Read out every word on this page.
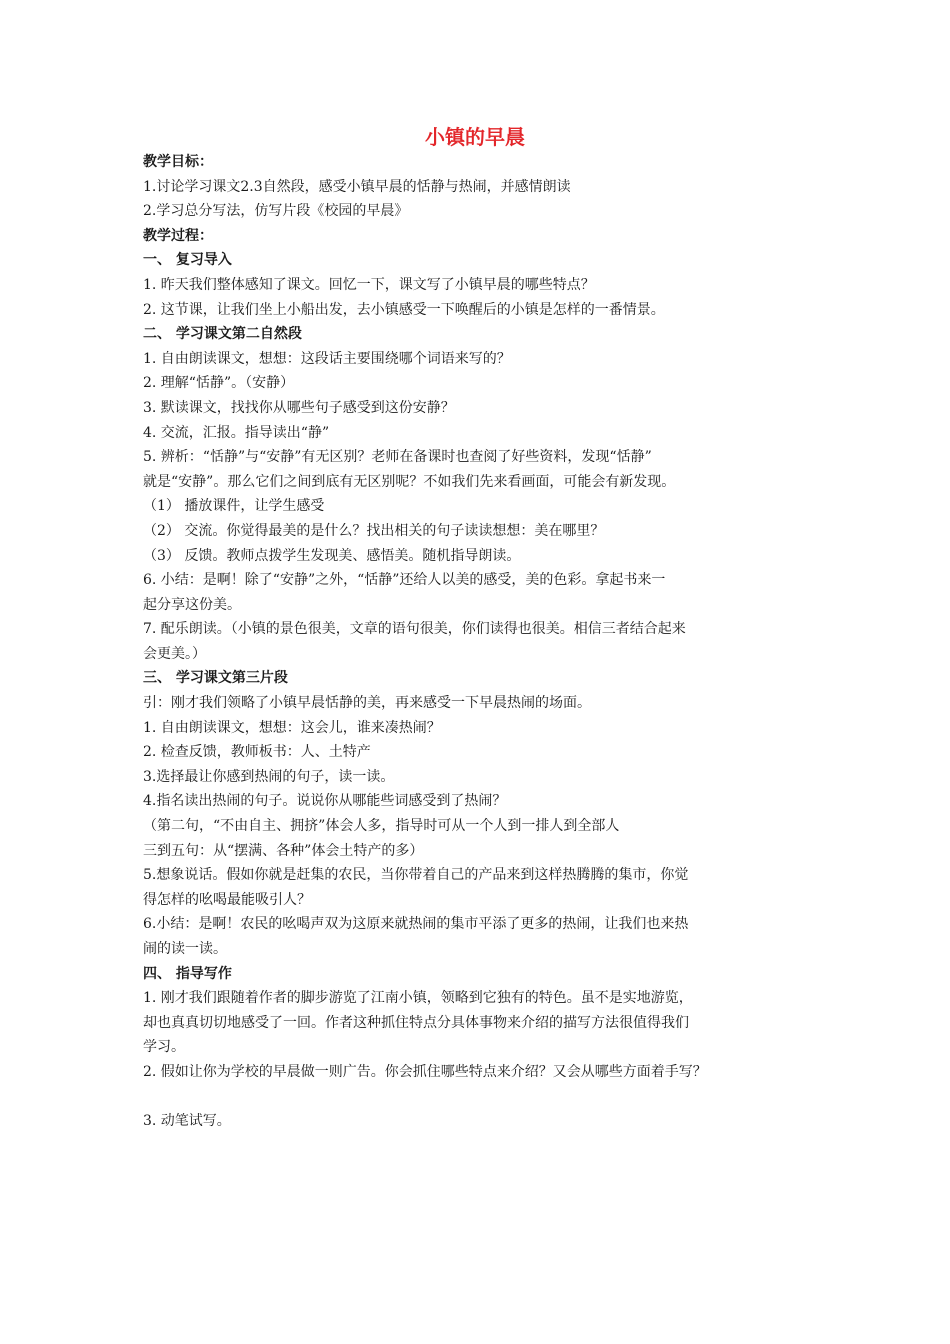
小镇的早晨
教学目标：
1.讨论学习课文2.3自然段，感受小镇早晨的恬静与热闹，并感情朗读
2.学习总分写法，仿写片段《校园的早晨》
教学过程：
一、 复习导入
1. 昨天我们整体感知了课文。回忆一下，课文写了小镇早晨的哪些特点？
2. 这节课，让我们坐上小船出发，去小镇感受一下唤醒后的小镇是怎样的一番情景。
二、 学习课文第二自然段
1. 自由朗读课文，想想：这段话主要围绕哪个词语来写的？
2. 理解“恬静”。（安静）
3. 默读课文，找找你从哪些句子感受到这份安静？
4. 交流，汇报。指导读出“静”
5. 辨析：“恬静”与“安静”有无区别？老师在备课时也查阅了好些资料，发现“恬静”
就是“安静”。那么它们之间到底有无区别呢？不如我们先来看画面，可能会有新发现。
（1） 播放课件，让学生感受
（2） 交流。你觉得最美的是什么？找出相关的句子读读想想：美在哪里？
（3） 反馈。教师点拨学生发现美、感悟美。随机指导朗读。
6. 小结：是啊！除了“安静”之外，“恬静”还给人以美的感受，美的色彩。拿起书来一
起分享这份美。
7. 配乐朗读。（小镇的景色很美，文章的语句很美，你们读得也很美。相信三者结合起来
会更美。）
三、 学习课文第三片段
引：刚才我们领略了小镇早晨恬静的美，再来感受一下早晨热闹的场面。
1. 自由朗读课文，想想：这会儿，谁来凑热闹？
2. 检查反馈，教师板书：人、土特产
3.选择最让你感到热闹的句子，读一读。
4.指名读出热闹的句子。说说你从哪能些词感受到了热闹？
（第二句，“不由自主、拥挤”体会人多，指导时可从一个人到一排人到全部人
三到五句：从“摆满、各种”体会土特产的多）
5.想象说话。假如你就是赶集的农民，当你带着自己的产品来到这样热腾腾的集市，你觉
得怎样的吆喝最能吸引人？
6.小结：是啊！农民的吆喝声双为这原来就热闹的集市平添了更多的热闹，让我们也来热
闹的读一读。
四、 指导写作
1. 刚才我们跟随着作者的脚步游览了江南小镇，领略到它独有的特色。虽不是实地游览，
却也真真切切地感受了一回。作者这种抓住特点分具体事物来介绍的描写方法很值得我们
学习。
2. 假如让你为学校的早晨做一则广告。你会抓住哪些特点来介绍？又会从哪些方面着手写？
3. 动笔试写。
